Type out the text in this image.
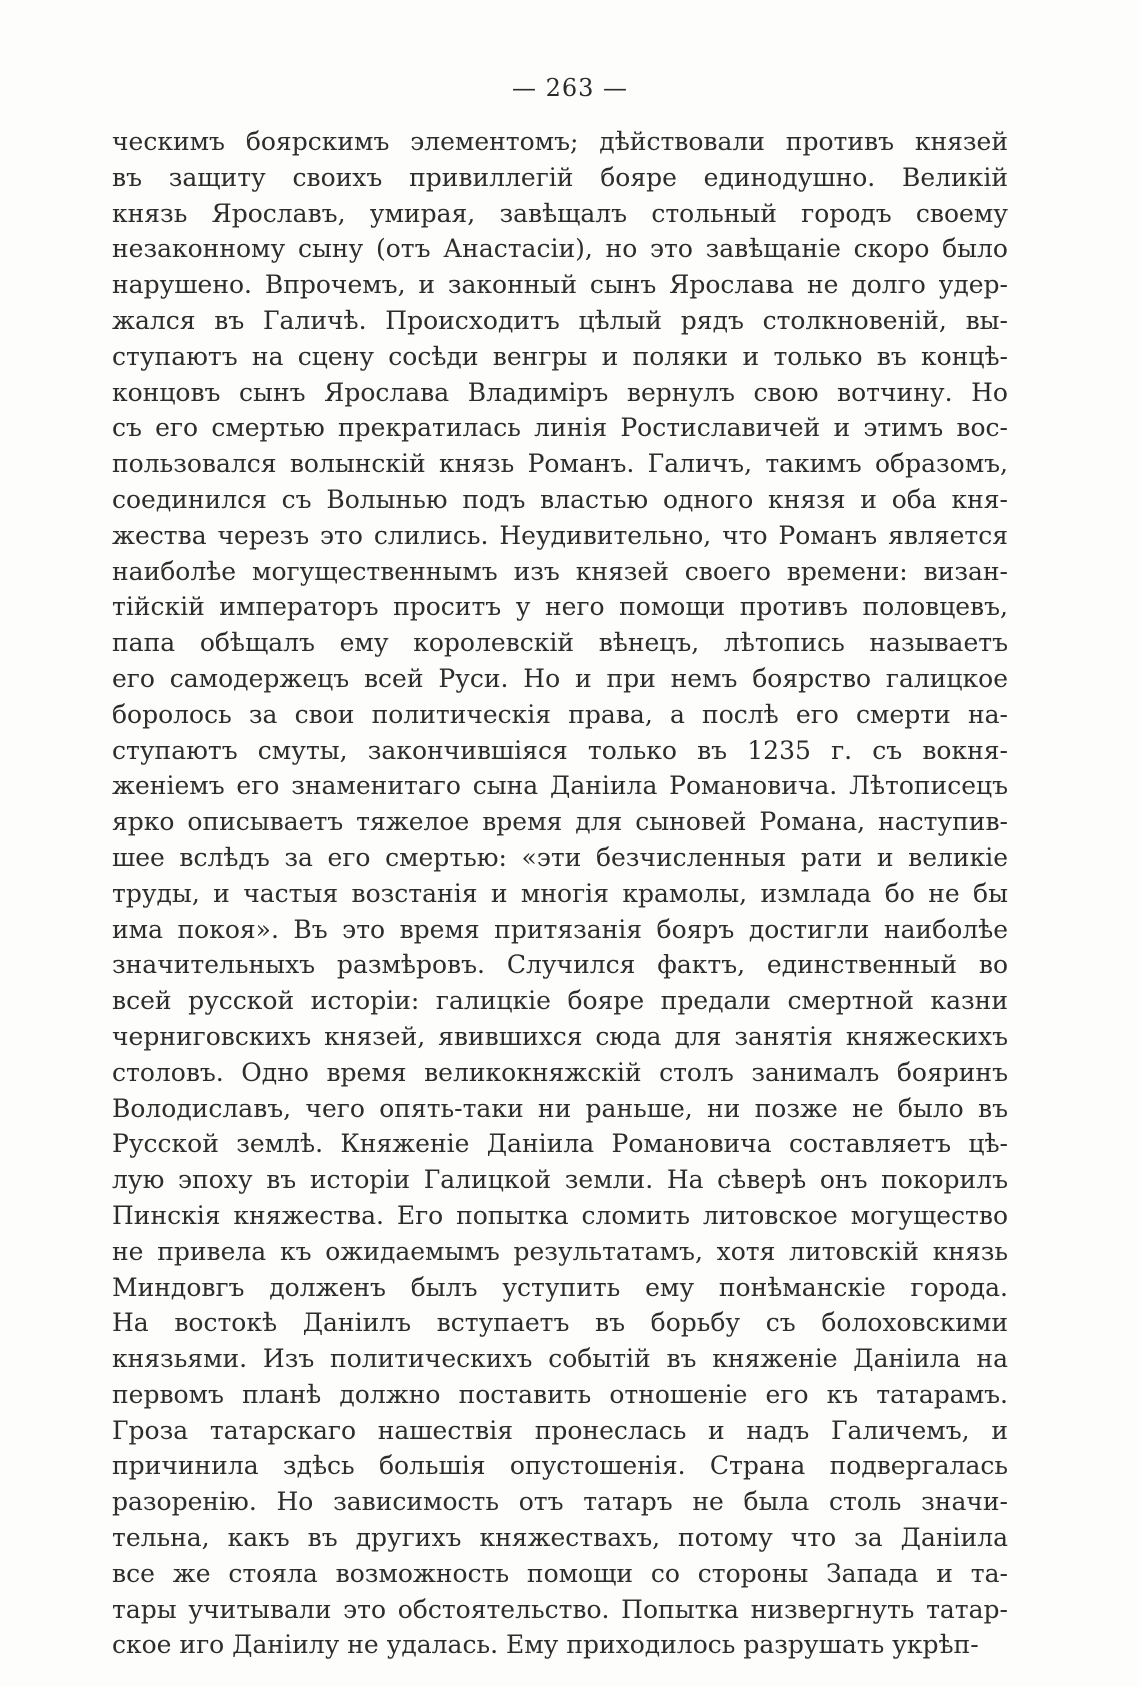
— 263 —
ческимъ боярскимъ элементомъ; дѣйствовали противъ князей
въ защиту своихъ привиллегій бояре единодушно. Великій
князь Ярославъ, умирая, завѣщалъ стольный городъ своему
незаконному сыну (отъ Анастасіи), но это завѣщаніе скоро было
нарушено. Впрочемъ, и законный сынъ Ярослава не долго удер-
жался въ Галичѣ. Происходитъ цѣлый рядъ столкновеній, вы-
ступаютъ на сцену сосѣди венгры и поляки и только въ концѣ-
концовъ сынъ Ярослава Владиміръ вернулъ свою вотчину. Но
съ его смертью прекратилась линія Ростиславичей и этимъ вос-
пользовался волынскій князь Романъ. Галичъ, такимъ образомъ,
соединился съ Волынью подъ властью одного князя и оба кня-
жества черезъ это слились. Неудивительно, что Романъ является
наиболѣе могущественнымъ изъ князей своего времени: визан-
тійскій императоръ проситъ у него помощи противъ половцевъ,
папа обѣщалъ ему королевскій вѣнецъ, лѣтопись называетъ
его самодержецъ всей Руси. Но и при немъ боярство галицкое
боролось за свои политическія права, а послѣ его смерти на-
ступаютъ смуты, закончившіяся только въ 1235 г. съ вокня-
женіемъ его знаменитаго сына Даніила Романовича. Лѣтописецъ
ярко описываетъ тяжелое время для сыновей Романа, наступив-
шее вслѣдъ за его смертью: «эти безчисленныя рати и великіе
труды, и частыя возстанія и многія крамолы, измлада бо не бы
има покоя». Въ это время притязанія бояръ достигли наиболѣе
значительныхъ размѣровъ. Случился фактъ, единственный во
всей русской исторіи: галицкіе бояре предали смертной казни
черниговскихъ князей, явившихся сюда для занятія княжескихъ
столовъ. Одно время великокняжскій столъ занималъ бояринъ
Володиславъ, чего опять-таки ни раньше, ни позже не было въ
Русской землѣ. Княженіе Даніила Романовича составляетъ цѣ-
лую эпоху въ исторіи Галицкой земли. На сѣверѣ онъ покорилъ
Пинскія княжества. Его попытка сломить литовское могущество
не привела къ ожидаемымъ результатамъ, хотя литовскій князь
Миндовгъ долженъ былъ уступить ему понѣманскіе города.
На востокѣ Даніилъ вступаетъ въ борьбу съ болоховскими
князьями. Изъ политическихъ событій въ княженіе Даніила на
первомъ планѣ должно поставить отношеніе его къ татарамъ.
Гроза татарскаго нашествія пронеслась и надъ Галичемъ, и
причинила здѣсь большія опустошенія. Страна подвергалась
разоренію. Но зависимость отъ татаръ не была столь значи-
тельна, какъ въ другихъ княжествахъ, потому что за Даніила
все же стояла возможность помощи со стороны Запада и та-
тары учитывали это обстоятельство. Попытка низвергнуть татар-
ское иго Даніилу не удалась. Ему приходилось разрушать укрѣп-
